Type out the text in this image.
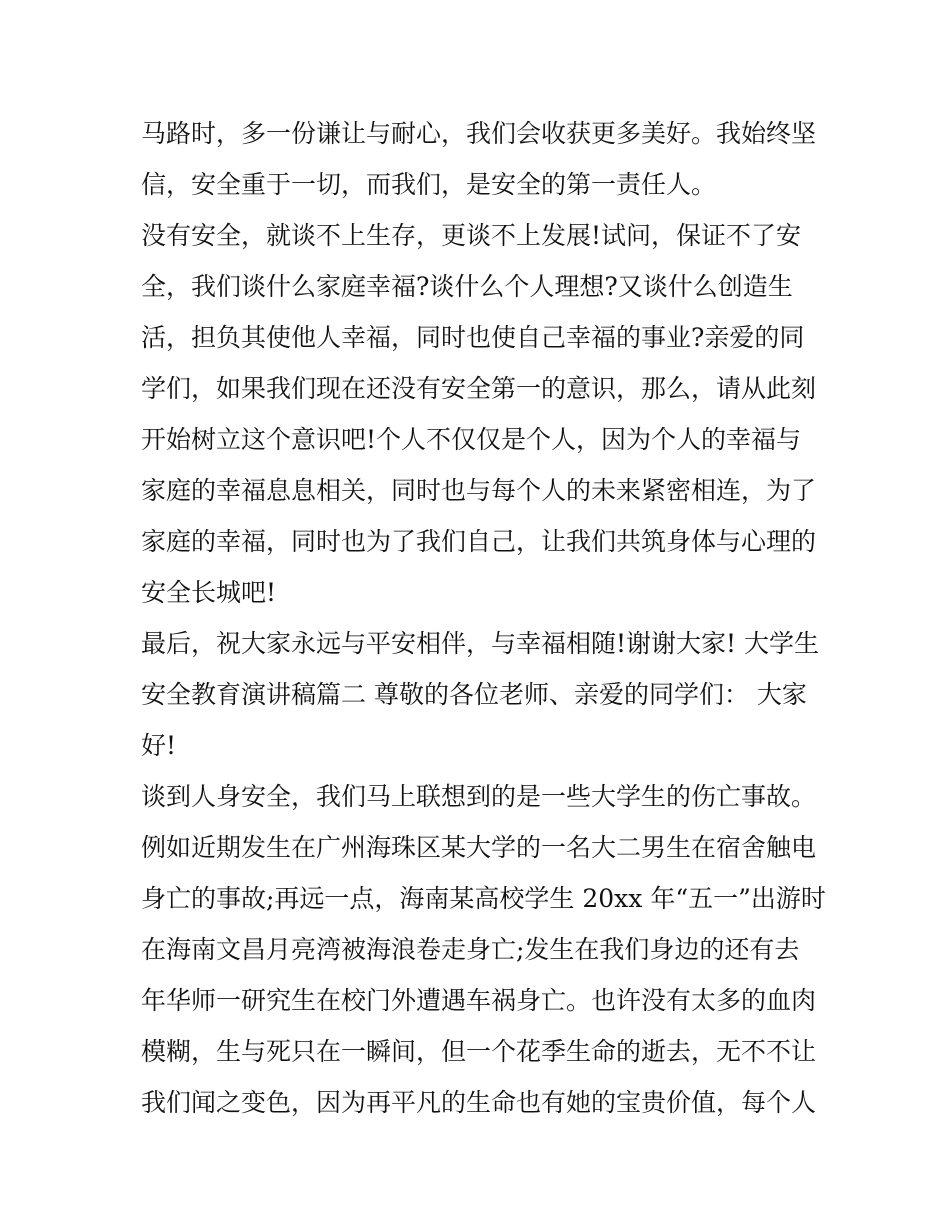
马路时，多一份谦让与耐心，我们会收获更多美好。我始终坚
信，安全重于一切，而我们，是安全的第一责任人。
没有安全，就谈不上生存，更谈不上发展!试问，保证不了安
全，我们谈什么家庭幸福?谈什么个人理想?又谈什么创造生
活，担负其使他人幸福，同时也使自己幸福的事业?亲爱的同
学们，如果我们现在还没有安全第一的意识，那么，请从此刻
开始树立这个意识吧!个人不仅仅是个人，因为个人的幸福与
家庭的幸福息息相关，同时也与每个人的未来紧密相连，为了
家庭的幸福，同时也为了我们自己，让我们共筑身体与心理的
安全长城吧!
最后，祝大家永远与平安相伴，与幸福相随!谢谢大家! 大学生
安全教育演讲稿篇二 尊敬的各位老师、亲爱的同学们： 大家
好!
谈到人身安全，我们马上联想到的是一些大学生的伤亡事故。
例如近期发生在广州海珠区某大学的一名大二男生在宿舍触电
身亡的事故;再远一点，海南某高校学生 20xx 年“五一”出游时
在海南文昌月亮湾被海浪卷走身亡;发生在我们身边的还有去
年华师一研究生在校门外遭遇车祸身亡。也许没有太多的血肉
模糊，生与死只在一瞬间，但一个花季生命的逝去，无不不让
我们闻之变色，因为再平凡的生命也有她的宝贵价值，每个人
